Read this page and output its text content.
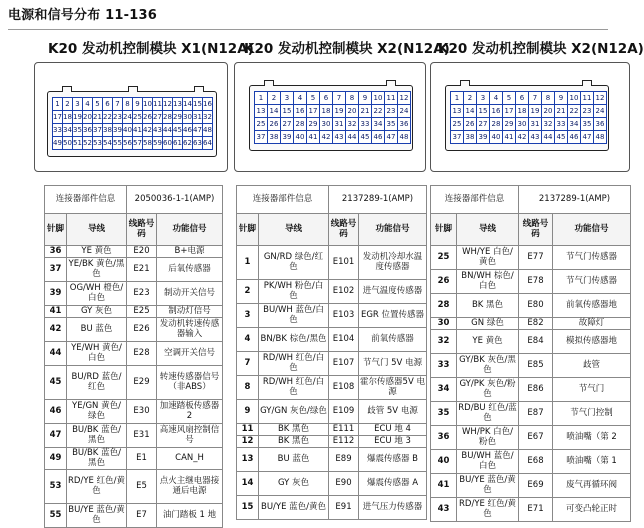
电源和信号分布 11-136
K20 发动机控制模块 X1(N12A)
1 2 3 4 5 6 7 8 9 10 11 12 13 14 15 16
17 18 19 20 21 22 23 24 25 26 27 28 29 30 31 32
33 34 35 36 37 38 39 40 41 42 43 44 45 46 47 48
49 50 51 52 53 54 55 56 57 58 59 60 61 62 63 64
连接器部件信息		2050036-1-1(AMP)	
针脚	导线	线路号码	功能信号
36	YE 黄色	E20	B+电源
37	YE/BK 黄色/黑色	E21	后氧传感器
39	OG/WH 橙色/白色	E23	制动开关信号
41	GY 灰色	E25	制动灯信号
42	BU 蓝色	E26	发动机转速传感器输入
44	YE/WH 黄色/白色	E28	空调开关信号
45	BU/RD 蓝色/红色	E29	转速传感器信号（非ABS）
46	YE/GN 黄色/绿色	E30	加速踏板传感器 2
47	BU/BK 蓝色/黑色	E31	高速风扇控制信号
49	BU/BK 蓝色/黑色	E1	CAN_H
53	RD/YE 红色/黄色	E5	点火主继电器接通后电源
55	BU/YE 蓝色/黄色	E7	油门踏板 1 地
K20 发动机控制模块 X2(N12A)
1	2	3	4	5	6	7	8	9 10 11 12
13 14 15 16 17 18 19 20 21 22 23 24
25 26 27 28 29 30 31 32 33 34 35 36
37 38 39 40 41 42 43 44 45 46 47 48
连接器部件信息		2137289-1(AMP)	
针脚	导线	线路号码	功能信号
1	GN/RD 绿色/红色	E101	发动机冷却水温度传感器
2	PK/WH 粉色/白色	E102	进气温度传感器
3	BU/WH 蓝色/白色	E103	EGR 位置传感器
4	BN/BK 棕色/黑色	E104	前氧传感器
7	RD/WH 红色/白色	E107	节气门 5V 电源
8	RD/WH 红色/白色	E108	霍尔传感器5V 电源
9	GY/GN 灰色/绿色	E109	歧管 5V 电源
11	BK 黑色	E111	ECU 地 4
12	BK 黑色	E112	ECU 地 3
13	BU 蓝色	E89	爆震传感器 B
14	GY 灰色	E90	爆震传感器 A
15	BU/YE 蓝色/黄色	E91	进气压力传感器
K20 发动机控制模块 X2(N12A)
1	2	3	4	5	6	7	8	9 10 11 12
13 14 15 16 17 18 19 20 21 22 23 24
25 26 27 28 29 30 31 32 33 34 35 36
37 38 39 40 41 42 43 44 45 46 47 48
连接器部件信息		2137289-1(AMP)	
针脚	导线	线路号码	功能信号
25	WH/YE 白色/黄色	E77	节气门传感器
26	BN/WH 棕色/白色	E78	节气门传感器
28	BK 黑色	E80	前氧传感器地
30	GN 绿色	E82	故障灯
32	YE 黄色	E84	模拟传感器地
33	GY/BK 灰色/黑色	E85	歧管
34	GY/PK 灰色/粉色	E86	节气门
35	RD/BU 红色/蓝色	E87	节气门控制
36	WH/PK 白色/粉色	E67	喷油嘴（第 2
40	BU/WH 蓝色/白色	E68	喷油嘴（第 1
41	BU/YE 蓝色/黄色	E69	废气再循环阀
43	RD/YE 红色/黄色	E71	可变凸轮正时
